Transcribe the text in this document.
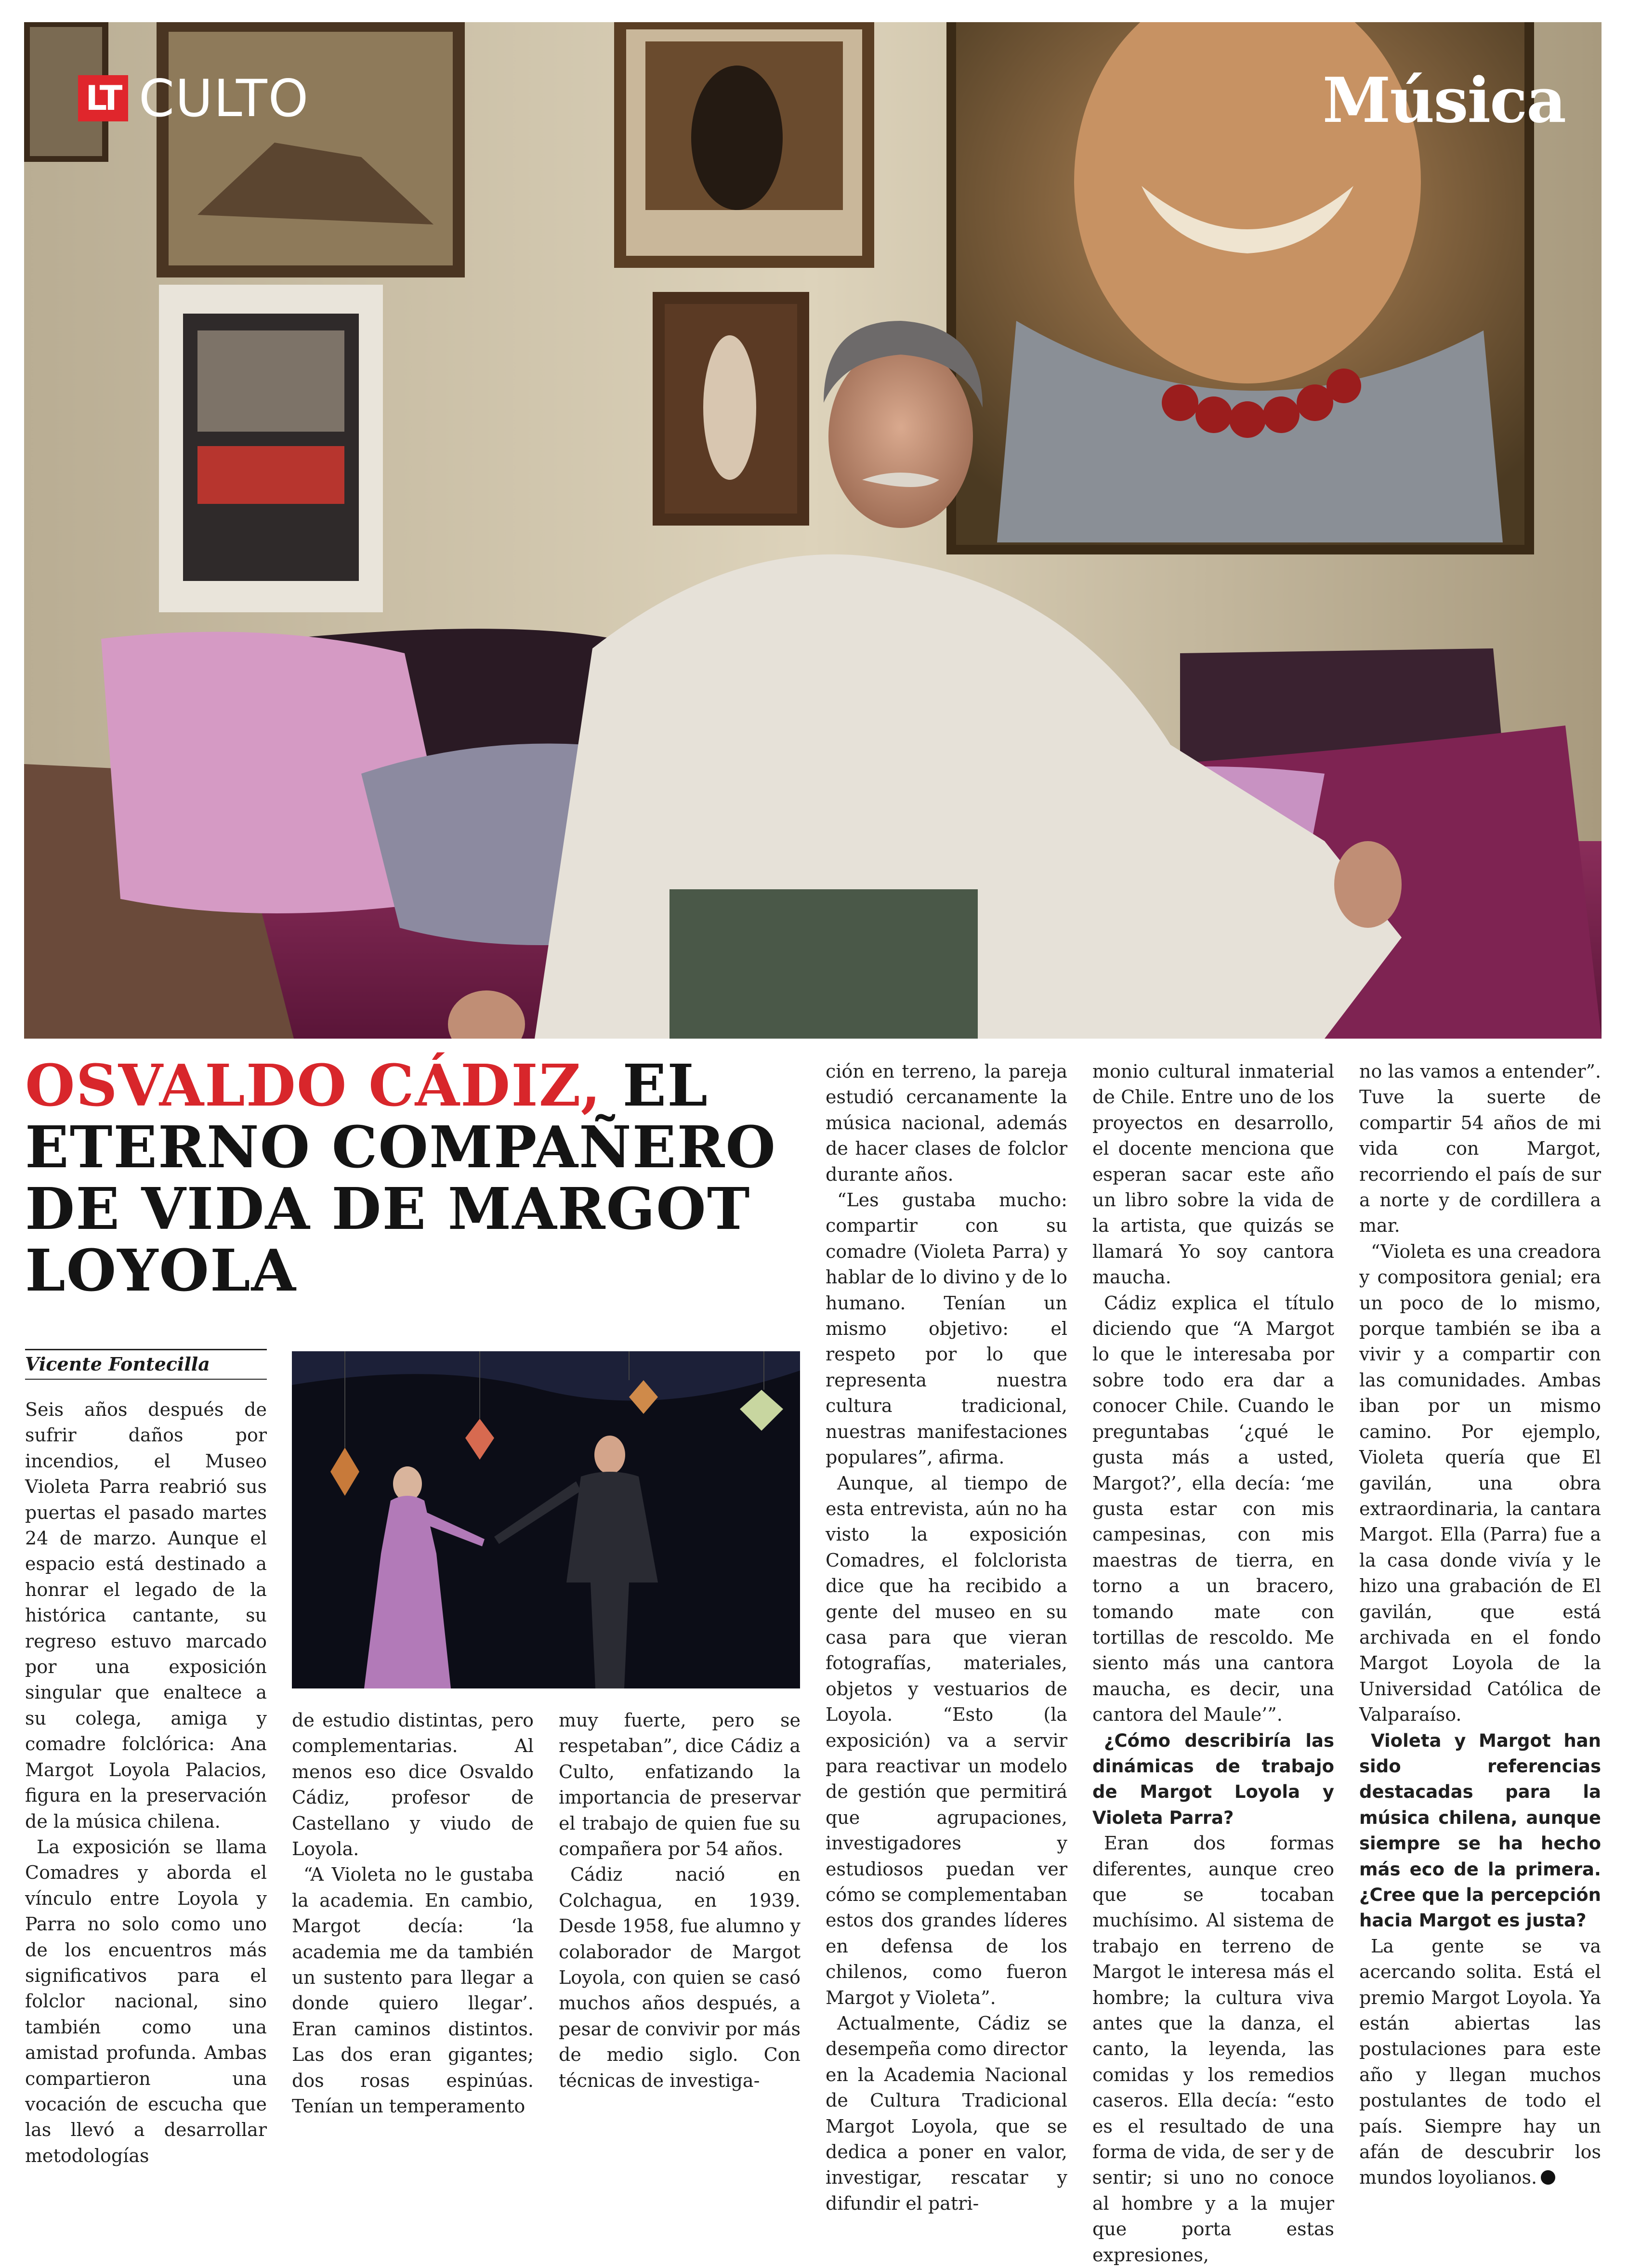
LT CULTO	Música
OSVALDO CÁDIZ, EL ETERNO COMPAÑERO DE VIDA DE MARGOT LOYOLA
Vicente Fontecilla

Seis años después de sufrir daños por incendios, el Museo Violeta Parra reabrió sus puertas el pasado martes 24 de marzo. Aunque el espacio está destinado a honrar el legado de la histórica cantante, su regreso estuvo marcado por una exposición singular que enaltece a su colega, amiga y comadre folclórica: Ana Margot Loyola Palacios, figura en la preservación de la música chilena.

La exposición se llama Comadres y aborda el vínculo entre Loyola y Parra no solo como uno de los encuentros más significativos para el folclor nacional, sino también como una amistad profunda. Ambas compartieron una vocación de escucha que las llevó a desarrollar metodologías

de estudio distintas, pero complementarias. Al menos eso dice Osvaldo Cádiz, profesor de Castellano y viudo de Loyola.

“A Violeta no le gustaba la academia. En cambio, Margot decía: ‘la academia me da también un sustento para llegar a donde quiero llegar’. Eran caminos distintos. Las dos eran gigantes; dos rosas espinúas. Tenían un temperamento

muy fuerte, pero se respetaban”, dice Cádiz a Culto, enfatizando la importancia de preservar el trabajo de quien fue su compañera por 54 años.

Cádiz nació en Colchagua, en 1939. Desde 1958, fue alumno y colaborador de Margot Loyola, con quien se casó muchos años después, a pesar de convivir por más de medio siglo. Con técnicas de investiga-

ción en terreno, la pareja estudió cercanamente la música nacional, además de hacer clases de folclor durante años.

“Les gustaba mucho: compartir con su comadre (Violeta Parra) y hablar de lo divino y de lo humano. Tenían un mismo objetivo: el respeto por lo que representa nuestra cultura tradicional, nuestras manifestaciones populares”, afirma.

Aunque, al tiempo de esta entrevista, aún no ha visto la exposición Comadres, el folclorista dice que ha recibido a gente del museo en su casa para que vieran fotografías, materiales, objetos y vestuarios de Loyola. “Esto (la exposición) va a servir para reactivar un modelo de gestión que permitirá que agrupaciones, investigadores y estudiosos puedan ver cómo se complementaban estos dos grandes líderes en defensa de los chilenos, como fueron Margot y Violeta”.

Actualmente, Cádiz se desempeña como director en la Academia Nacional de Cultura Tradicional Margot Loyola, que se dedica a poner en valor, investigar, rescatar y difundir el patri-

monio cultural inmaterial de Chile. Entre uno de los proyectos en desarrollo, el docente menciona que esperan sacar este año un libro sobre la vida de la artista, que quizás se llamará Yo soy cantora maucha.

Cádiz explica el título diciendo que “A Margot lo que le interesaba por sobre todo era dar a conocer Chile. Cuando le preguntabas ‘¿qué le gusta más a usted, Margot?’, ella decía: ‘me gusta estar con mis campesinas, con mis maestras de tierra, en torno a un bracero, tomando mate con tortillas de rescoldo. Me siento más una cantora maucha, es decir, una cantora del Maule’”.

¿Cómo describiría las dinámicas de trabajo de Margot Loyola y Violeta Parra?

Eran dos formas diferentes, aunque creo que se tocaban muchísimo. Al sistema de trabajo en terreno de Margot le interesa más el hombre; la cultura viva antes que la danza, el canto, la leyenda, las comidas y los remedios caseros. Ella decía: “esto es el resultado de una forma de vida, de ser y de sentir; si uno no conoce al hombre y a la mujer que porta estas expresiones,

no las vamos a entender”. Tuve la suerte de compartir 54 años de mi vida con Margot, recorriendo el país de sur a norte y de cordillera a mar.

“Violeta es una creadora y compositora genial; era un poco de lo mismo, porque también se iba a vivir y a compartir con las comunidades. Ambas iban por un mismo camino. Por ejemplo, Violeta quería que El gavilán, una obra extraordinaria, la cantara Margot. Ella (Parra) fue a la casa donde vivía y le hizo una grabación de El gavilán, que está archivada en el fondo Margot Loyola de la Universidad Católica de Valparaíso.

Violeta y Margot han sido referencias destacadas para la música chilena, aunque siempre se ha hecho más eco de la primera. ¿Cree que la percepción hacia Margot es justa?

La gente se va acercando solita. Está el premio Margot Loyola. Ya están abiertas las postulaciones para este año y llegan muchos postulantes de todo el país. Siempre hay un afán de descubrir los mundos loyolianos.
